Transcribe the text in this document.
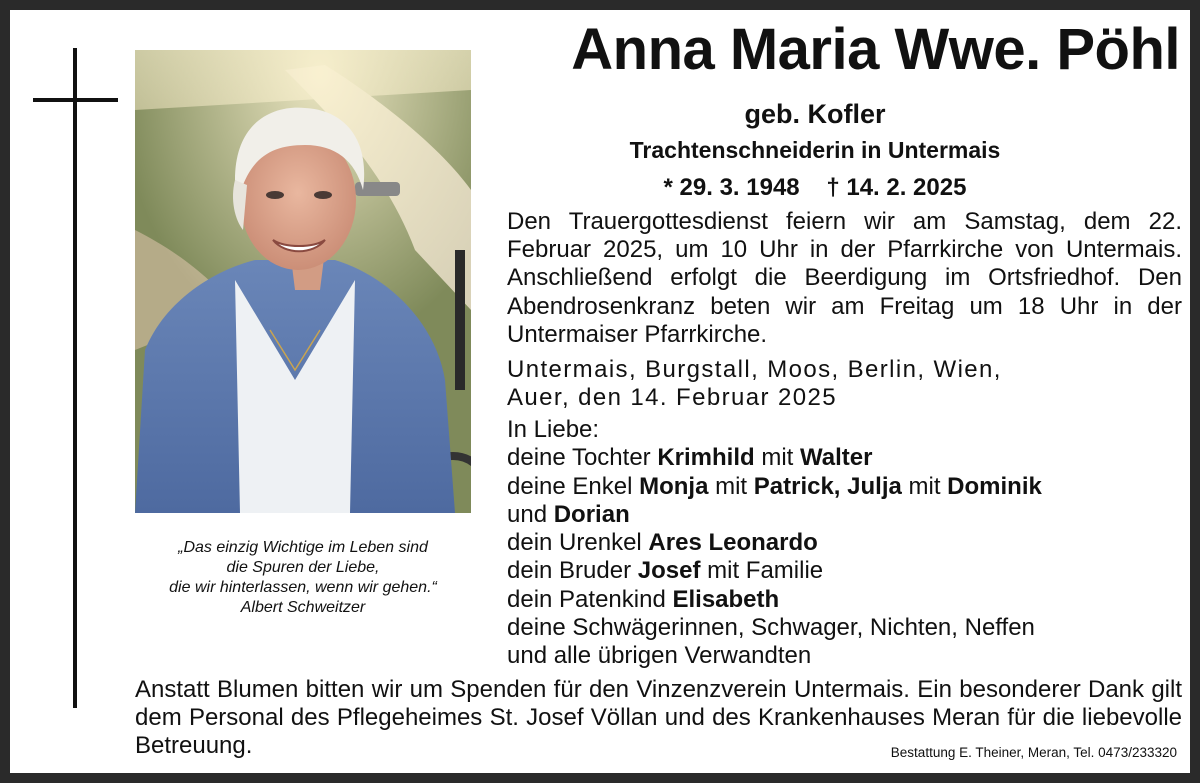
„Das einzig Wichtige im Leben sind
die Spuren der Liebe,
die wir hinterlassen, wenn wir gehen.“
Albert Schweitzer
Anna Maria Wwe. Pöhl
geb. Kofler
Trachtenschneiderin in Untermais
* 29. 3. 1948 † 14. 2. 2025
Den Trauergottesdienst feiern wir am Samstag, dem 22. Februar 2025, um 10 Uhr in der Pfarrkirche von Untermais. Anschließend erfolgt die Beerdigung im Ortsfriedhof. Den Abendrosenkranz beten wir am Freitag um 18 Uhr in der Untermaiser Pfarrkirche.
Untermais, Burgstall, Moos, Berlin, Wien,
Auer, den 14. Februar 2025
In Liebe:
deine Tochter Krimhild mit Walter
deine Enkel Monja mit Patrick, Julja mit Dominik
und Dorian
dein Urenkel Ares Leonardo
dein Bruder Josef mit Familie
dein Patenkind Elisabeth
deine Schwägerinnen, Schwager, Nichten, Neffen
und alle übrigen Verwandten
Anstatt Blumen bitten wir um Spenden für den Vinzenzverein Untermais. Ein besonderer Dank gilt dem Personal des Pflegeheimes St. Josef Völlan und des Krankenhauses Meran für die liebevolle Betreuung.	Bestattung E. Theiner, Meran, Tel. 0473/233320
